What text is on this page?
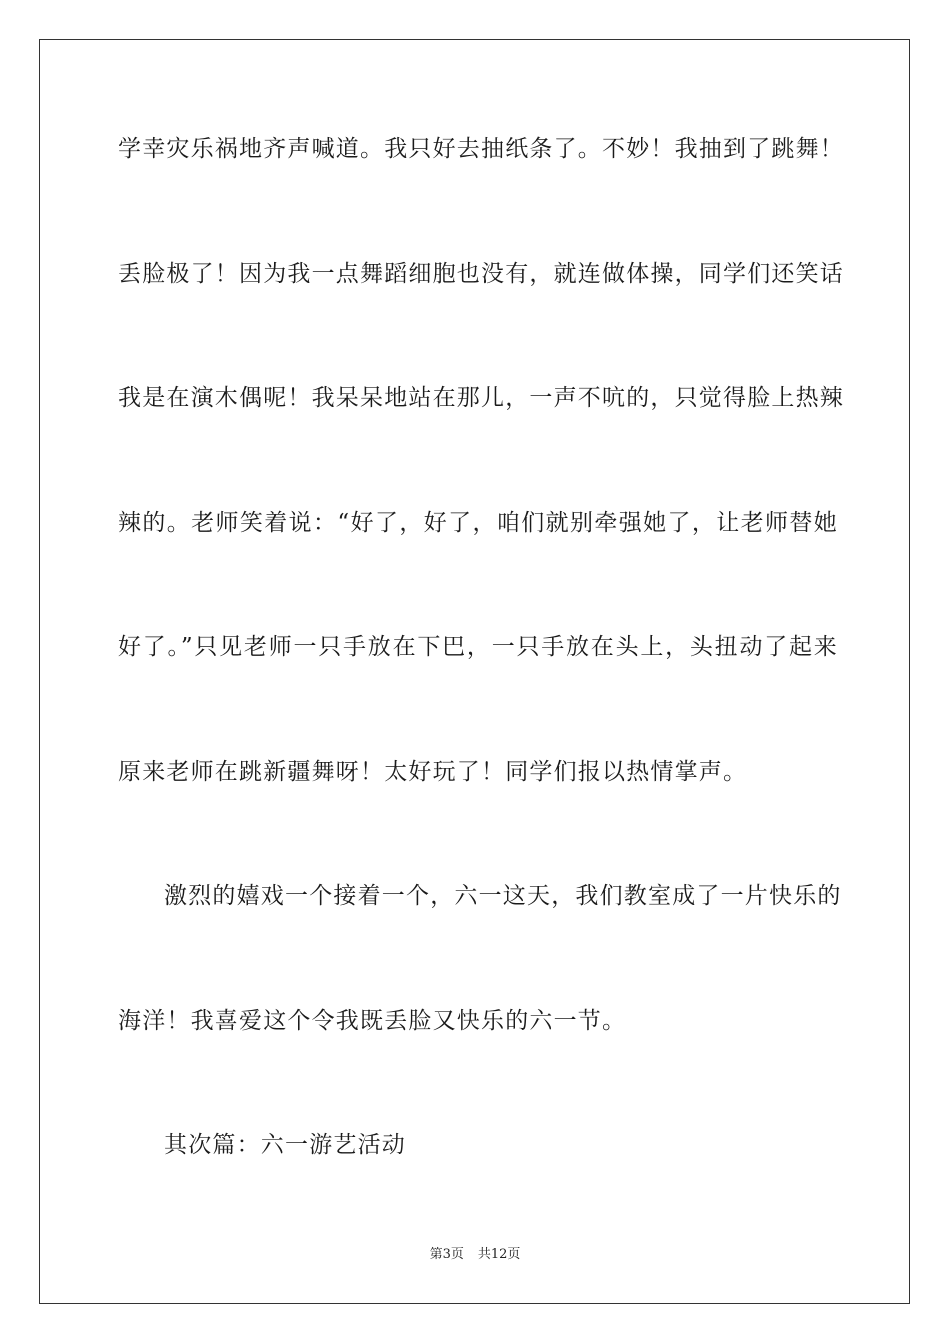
学幸灾乐祸地齐声喊道。我只好去抽纸条了。不妙！我抽到了跳舞！
丢脸极了！因为我一点舞蹈细胞也没有，就连做体操，同学们还笑话
我是在演木偶呢！我呆呆地站在那儿，一声不吭的，只觉得脸上热辣
辣的。老师笑着说：“好了，好了，咱们就别牵强她了，让老师替她
好了。”只见老师一只手放在下巴，一只手放在头上，头扭动了起来
原来老师在跳新疆舞呀！太好玩了！同学们报以热情掌声。
激烈的嬉戏一个接着一个，六一这天，我们教室成了一片快乐的
海洋！我喜爱这个令我既丢脸又快乐的六一节。
其次篇：六一游艺活动
第3页 共12页
